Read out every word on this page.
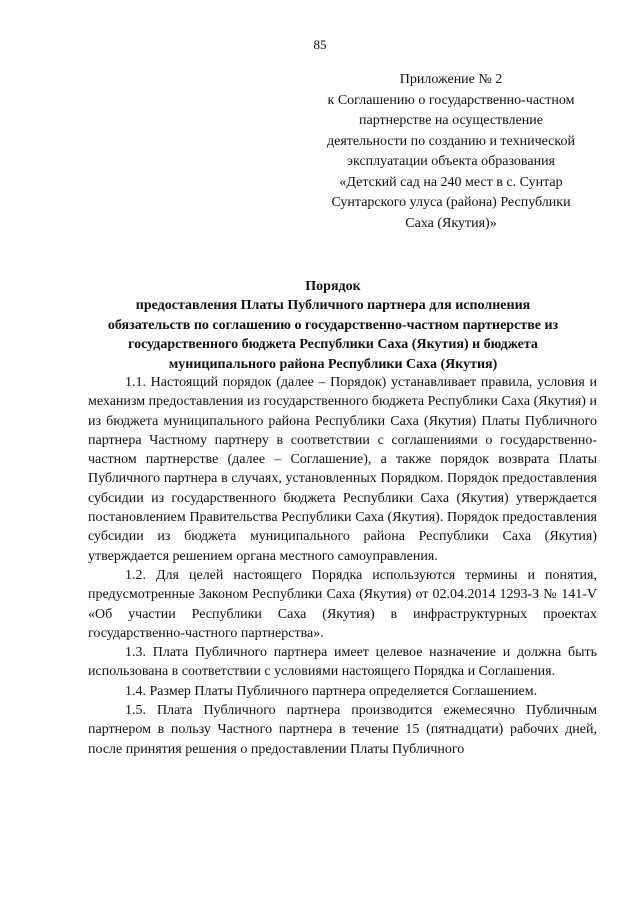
85
Приложение № 2
к Соглашению о государственно-частном
партнерстве на осуществление
деятельности по созданию и технической
эксплуатации объекта образования
«Детский сад на 240 мест в с. Сунтар
Сунтарского улуса (района) Республики
Саха (Якутия)»
Порядок
предоставления Платы Публичного партнера для исполнения
обязательств по соглашению о государственно-частном партнерстве из
государственного бюджета Республики Саха (Якутия) и бюджета
муниципального района Республики Саха (Якутия)

1.1. Настоящий порядок (далее – Порядок) устанавливает правила, условия и механизм предоставления из государственного бюджета Республики Саха (Якутия) и из бюджета муниципального района Республики Саха (Якутия) Платы Публичного партнера Частному партнеру в соответствии с соглашениями о государственно-частном партнерстве (далее – Соглашение), а также порядок возврата Платы Публичного партнера в случаях, установленных Порядком. Порядок предоставления субсидии из государственного бюджета Республики Саха (Якутия) утверждается постановлением Правительства Республики Саха (Якутия). Порядок предоставления субсидии из бюджета муниципального района Республики Саха (Якутия) утверждается решением органа местного самоуправления.

1.2. Для целей настоящего Порядка используются термины и понятия, предусмотренные Законом Республики Саха (Якутия) от 02.04.2014 1293-З № 141-V «Об участии Республики Саха (Якутия) в инфраструктурных проектах государственно-частного партнерства».

1.3. Плата Публичного партнера имеет целевое назначение и должна быть использована в соответствии с условиями настоящего Порядка и Соглашения.

1.4. Размер Платы Публичного партнера определяется Соглашением.

1.5. Плата Публичного партнера производится ежемесячно Публичным партнером в пользу Частного партнера в течение 15 (пятнадцати) рабочих дней, после принятия решения о предоставлении Платы Публичного
